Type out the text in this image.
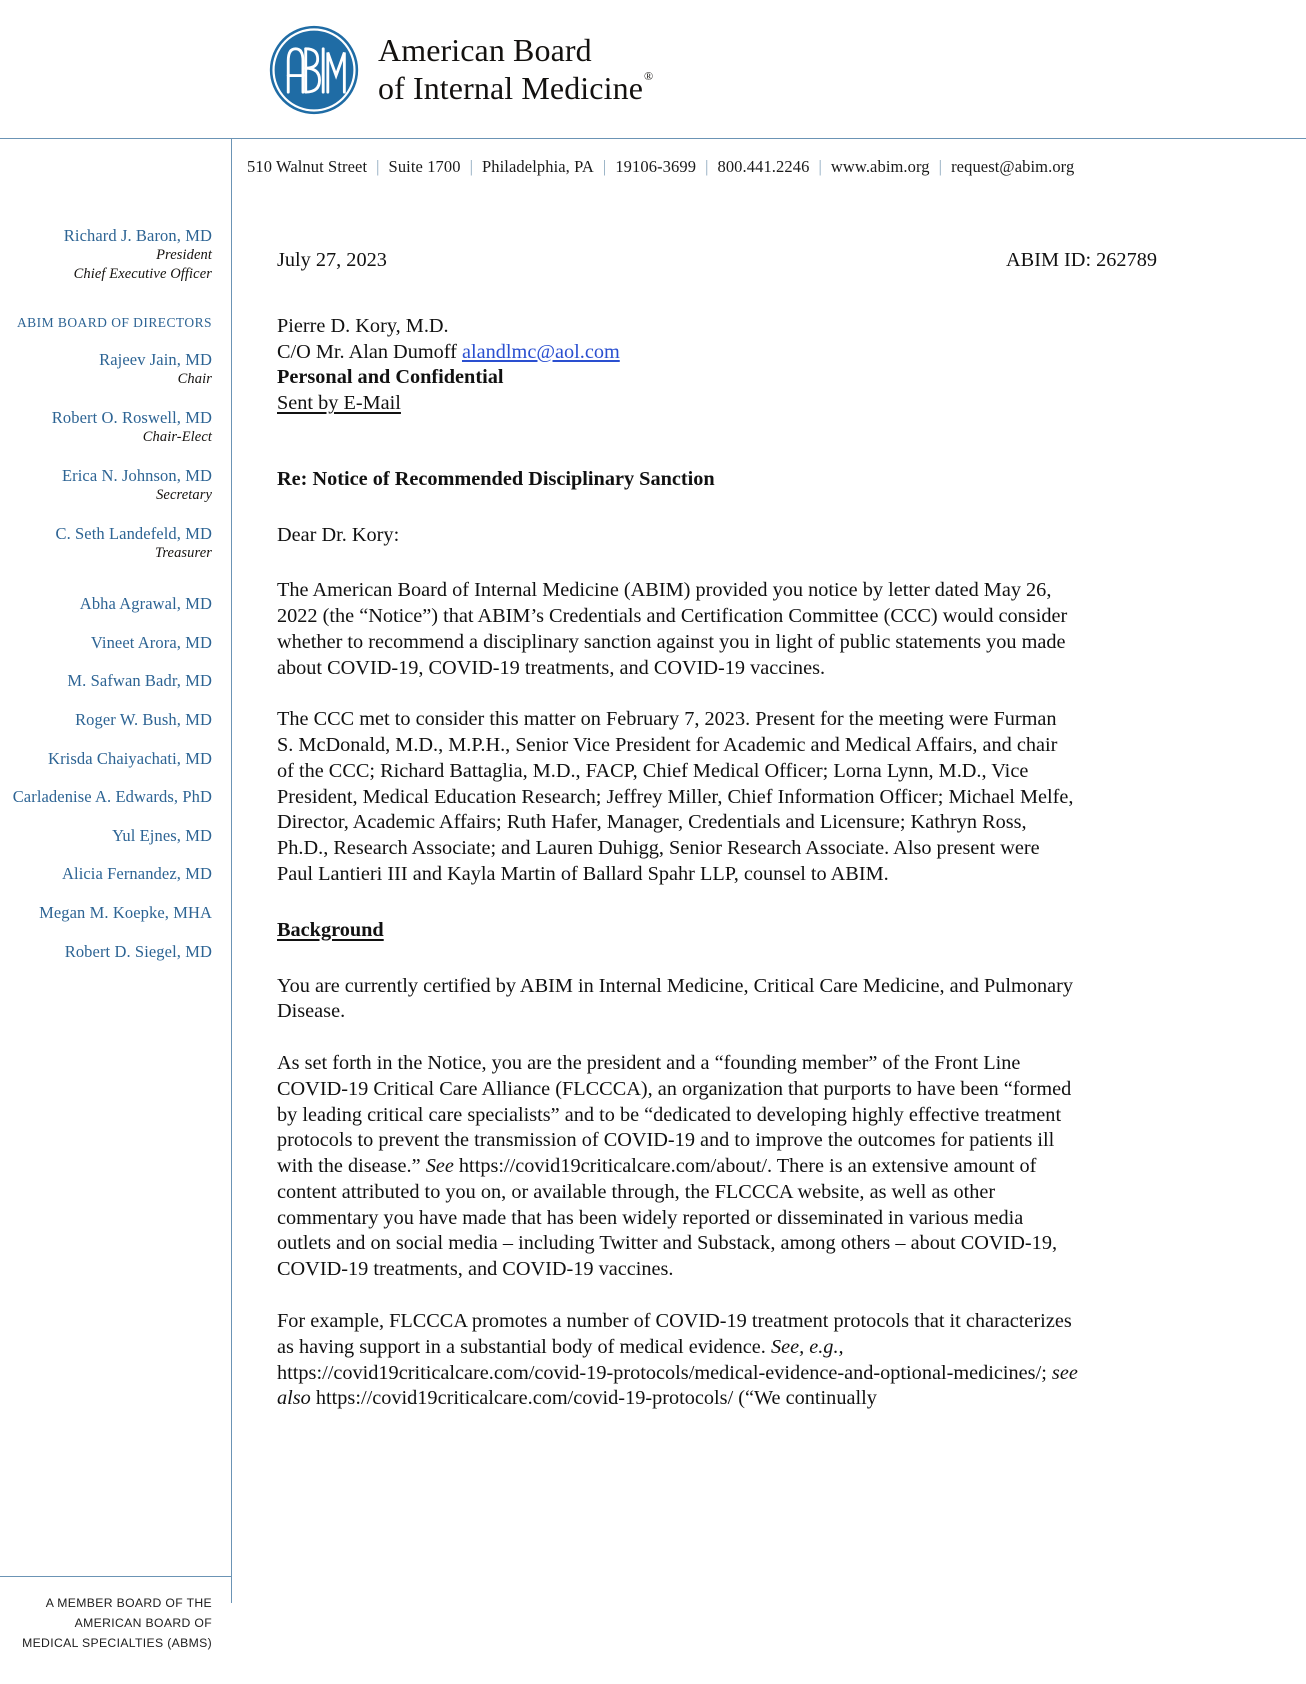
American Board
of Internal Medicine®
510 Walnut Street | Suite 1700 | Philadelphia, PA | 19106-3699 | 800.441.2246 | www.abim.org | request@abim.org
Richard J. Baron, MD
President
Chief Executive Officer
ABIM BOARD OF DIRECTORS
Rajeev Jain, MD
Chair
Robert O. Roswell, MD
Chair-Elect
Erica N. Johnson, MD
Secretary
C. Seth Landefeld, MD
Treasurer
Abha Agrawal, MD
Vineet Arora, MD
M. Safwan Badr, MD
Roger W. Bush, MD
Krisda Chaiyachati, MD
Carladenise A. Edwards, PhD
Yul Ejnes, MD
Alicia Fernandez, MD
Megan M. Koepke, MHA
Robert D. Siegel, MD
A MEMBER BOARD OF THE
AMERICAN BOARD OF
MEDICAL SPECIALTIES (ABMS)
July 27, 2023	ABIM ID: 262789
Pierre D. Kory, M.D.
C/O Mr. Alan Dumoff alandlmc@aol.com
Personal and Confidential
Sent by E-Mail
Re: Notice of Recommended Disciplinary Sanction
Dear Dr. Kory:
The American Board of Internal Medicine (ABIM) provided you notice by letter dated May 26,
2022 (the “Notice”) that ABIM’s Credentials and Certification Committee (CCC) would consider
whether to recommend a disciplinary sanction against you in light of public statements you made
about COVID-19, COVID-19 treatments, and COVID-19 vaccines.
The CCC met to consider this matter on February 7, 2023. Present for the meeting were Furman
S. McDonald, M.D., M.P.H., Senior Vice President for Academic and Medical Affairs, and chair
of the CCC; Richard Battaglia, M.D., FACP, Chief Medical Officer; Lorna Lynn, M.D., Vice
President, Medical Education Research; Jeffrey Miller, Chief Information Officer; Michael Melfe,
Director, Academic Affairs; Ruth Hafer, Manager, Credentials and Licensure; Kathryn Ross,
Ph.D., Research Associate; and Lauren Duhigg, Senior Research Associate. Also present were
Paul Lantieri III and Kayla Martin of Ballard Spahr LLP, counsel to ABIM.
Background
You are currently certified by ABIM in Internal Medicine, Critical Care Medicine, and Pulmonary
Disease.
As set forth in the Notice, you are the president and a “founding member” of the Front Line
COVID-19 Critical Care Alliance (FLCCCA), an organization that purports to have been “formed
by leading critical care specialists” and to be “dedicated to developing highly effective treatment
protocols to prevent the transmission of COVID-19 and to improve the outcomes for patients ill
with the disease.” See https://covid19criticalcare.com/about/. There is an extensive amount of
content attributed to you on, or available through, the FLCCCA website, as well as other
commentary you have made that has been widely reported or disseminated in various media
outlets and on social media – including Twitter and Substack, among others – about COVID-19,
COVID-19 treatments, and COVID-19 vaccines.
For example, FLCCCA promotes a number of COVID-19 treatment protocols that it characterizes
as having support in a substantial body of medical evidence. See, e.g.,
https://covid19criticalcare.com/covid-19-protocols/medical-evidence-and-optional-medicines/; see
also https://covid19criticalcare.com/covid-19-protocols/ (“We continually
